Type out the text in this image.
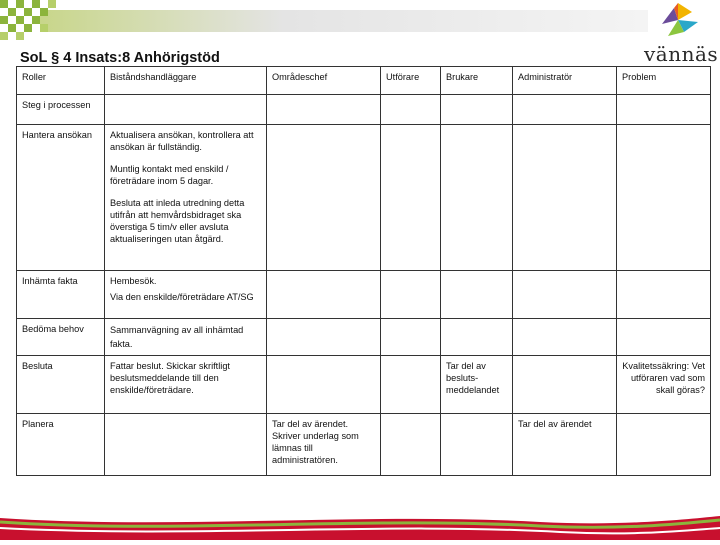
vännäs
SoL § 4 Insats:8 Anhörigstöd
Roller	Biståndshandläggare	Områdeschef	Utförare	Brukare	Administratör	Problem
Steg i processen						
Hantera ansökan	Aktualisera ansökan, kontrollera att ansökan är fullständig.

Muntlig kontakt med enskild / företrädare inom 5 dagar.

Besluta att inleda utredning detta utifrån att hemvårdsbidraget ska överstiga 5 tim/v eller avsluta aktualiseringen utan åtgärd.					

Inhämta fakta	Hembesök.

Via den enskilde/företrädare AT/SG					

Bedöma behov	Sammanvägning av all inhämtad fakta.					

Besluta	Fattar beslut. Skickar skriftligt beslutsmeddelande till den enskilde/företrädare.			Tar del av besluts-meddelandet		Kvalitetssäkring: Vet utföraren vad som skall göras?
Planera		Tar del av ärendet. Skriver underlag som lämnas till administratören.			Tar del av ärendet	
